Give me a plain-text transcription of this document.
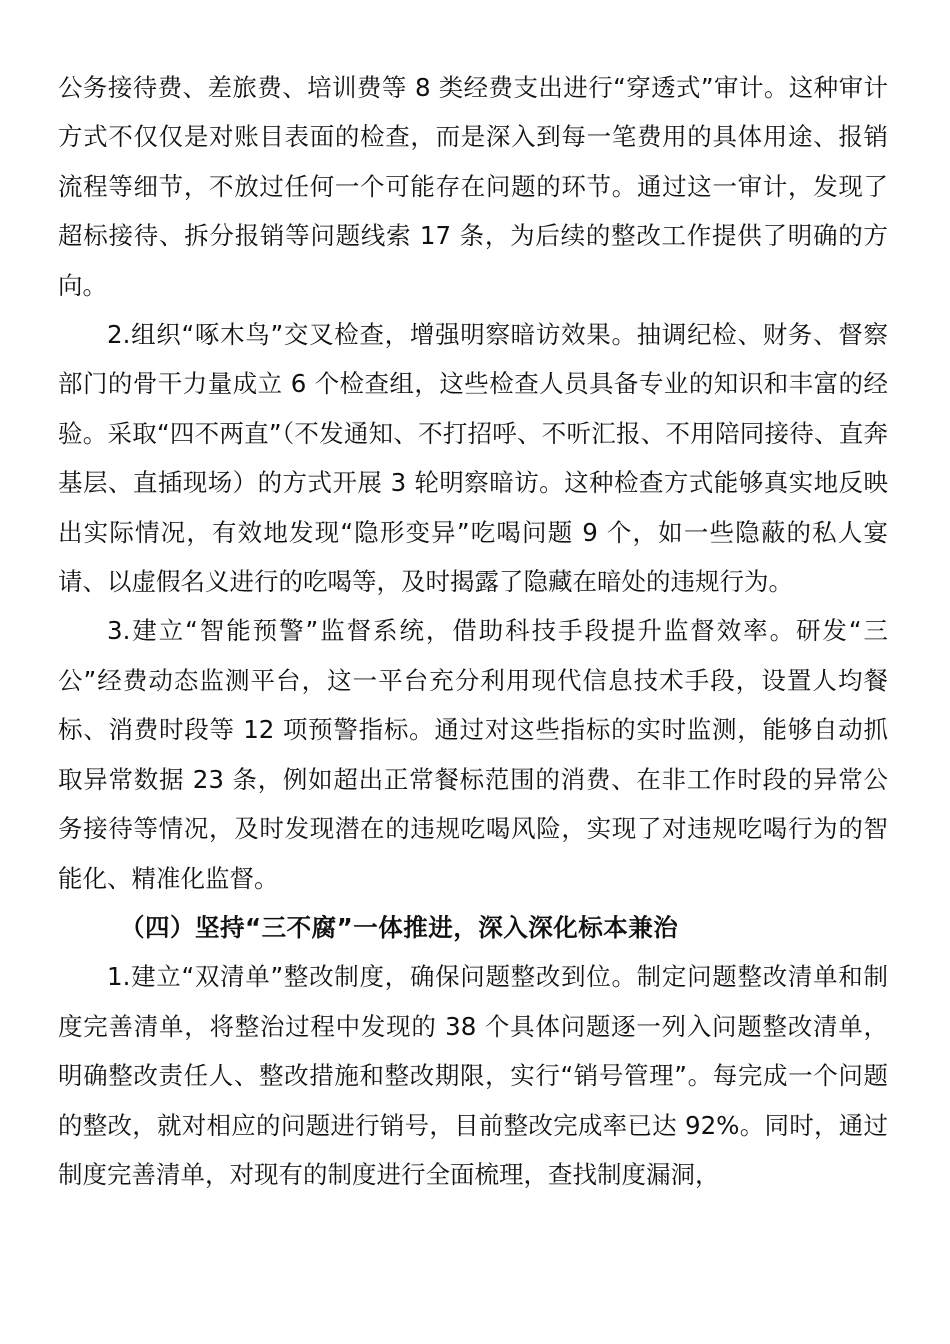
公务接待费、差旅费、培训费等 8 类经费支出进行“穿透式”审计。这种审计方式不仅仅是对账目表面的检查，而是深入到每一笔费用的具体用途、报销流程等细节，不放过任何一个可能存在问题的环节。通过这一审计，发现了超标接待、拆分报销等问题线索 17 条，为后续的整改工作提供了明确的方向。

2.组织“啄木鸟”交叉检查，增强明察暗访效果。抽调纪检、财务、督察部门的骨干力量成立 6 个检查组，这些检查人员具备专业的知识和丰富的经验。采取“四不两直”（不发通知、不打招呼、不听汇报、不用陪同接待、直奔基层、直插现场）的方式开展 3 轮明察暗访。这种检查方式能够真实地反映出实际情况，有效地发现“隐形变异”吃喝问题 9 个，如一些隐蔽的私人宴请、以虚假名义进行的吃喝等，及时揭露了隐藏在暗处的违规行为。

3.建立“智能预警”监督系统，借助科技手段提升监督效率。研发“三公”经费动态监测平台，这一平台充分利用现代信息技术手段，设置人均餐标、消费时段等 12 项预警指标。通过对这些指标的实时监测，能够自动抓取异常数据 23 条，例如超出正常餐标范围的消费、在非工作时段的异常公务接待等情况，及时发现潜在的违规吃喝风险，实现了对违规吃喝行为的智能化、精准化监督。

（四）坚持“三不腐”一体推进，深入深化标本兼治

1.建立“双清单”整改制度，确保问题整改到位。制定问题整改清单和制度完善清单，将整治过程中发现的 38 个具体问题逐一列入问题整改清单，明确整改责任人、整改措施和整改期限，实行“销号管理”。每完成一个问题的整改，就对相应的问题进行销号，目前整改完成率已达 92%。同时，通过制度完善清单，对现有的制度进行全面梳理，查找制度漏洞，
